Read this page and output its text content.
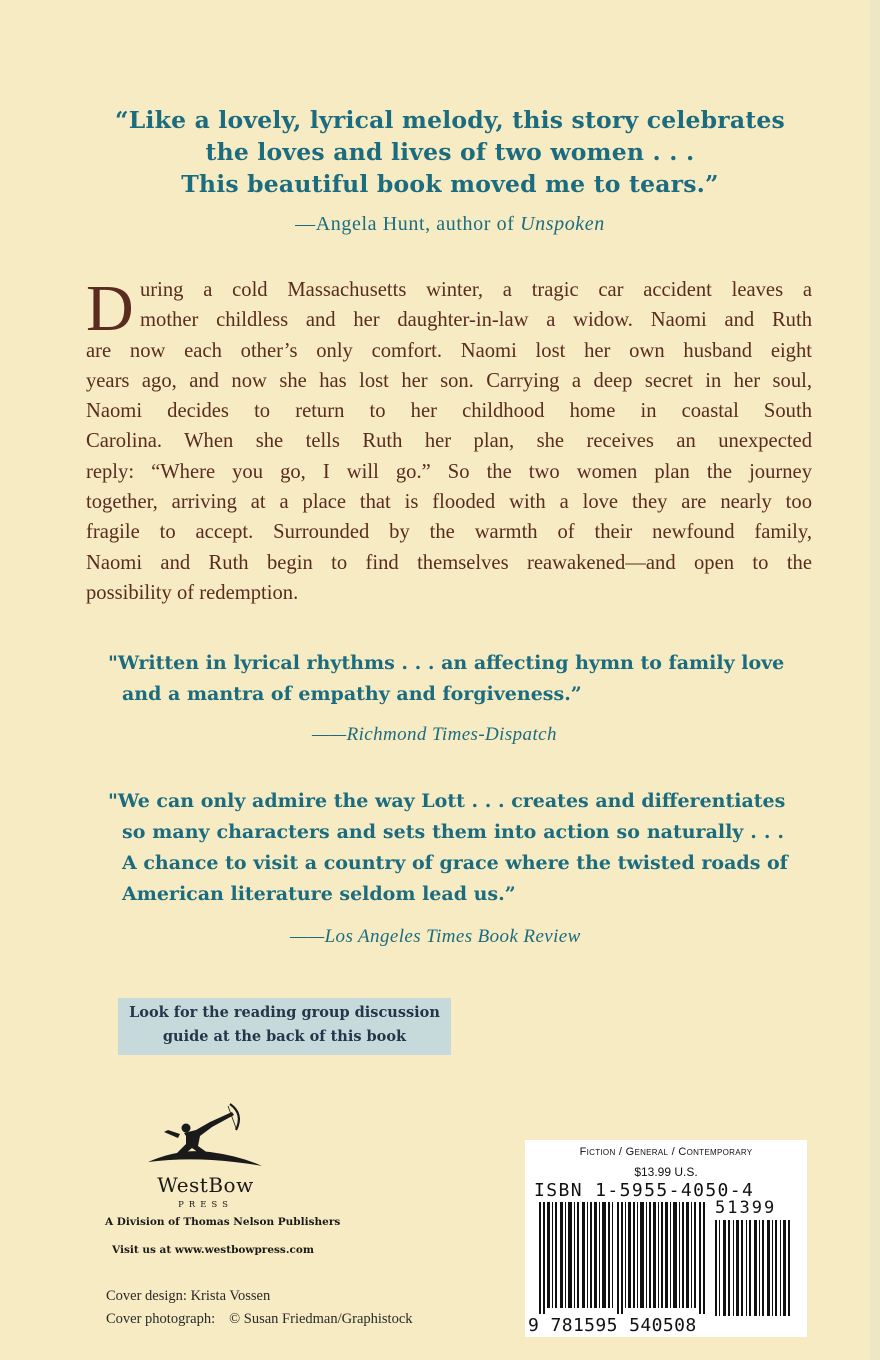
“Like a lovely, lyrical melody, this story celebrates
the loves and lives of two women . . .
This beautiful book moved me to tears.”
—Angela Hunt, author of Unspoken
D uring a cold Massachusetts winter, a tragic car accident leaves a
mother childless and her daughter-in-law a widow. Naomi and Ruth
are now each other’s only comfort. Naomi lost her own husband eight
years ago, and now she has lost her son. Carrying a deep secret in her soul,
Naomi decides to return to her childhood home in coastal South
Carolina. When she tells Ruth her plan, she receives an unexpected
reply: “Where you go, I will go.” So the two women plan the journey
together, arriving at a place that is flooded with a love they are nearly too
fragile to accept. Surrounded by the warmth of their newfound family,
Naomi and Ruth begin to find themselves reawakened—and open to the
possibility of redemption.
"Written in lyrical rhythms . . . an affecting hymn to family love
and a mantra of empathy and forgiveness.”
——Richmond Times-Dispatch
"We can only admire the way Lott . . . creates and differentiates
so many characters and sets them into action so naturally . . .
A chance to visit a country of grace where the twisted roads of
American literature seldom lead us.”
——Los Angeles Times Book Review
Look for the reading group discussion
guide at the back of this book
WestBow
PRESS
A Division of Thomas Nelson Publishers
Visit us at www.westbowpress.com
Cover design: Krista Vossen
Cover photograph: © Susan Friedman/Graphistock
Fiction / General / Contemporary
$13.99 U.S.
ISBN 1-5955-4050-4
51399
9 781595 540508
